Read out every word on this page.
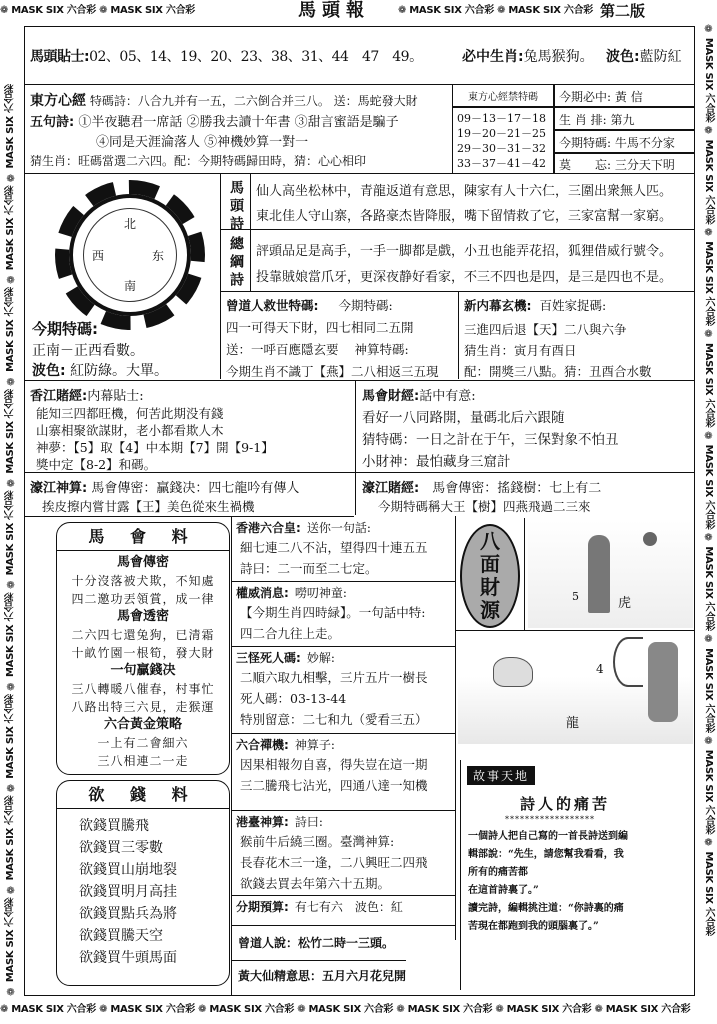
❁ MASK SIX 六合彩 ❁ MASK SIX 六合彩	馬頭報	❁ MASK SIX 六合彩 ❁ MASK SIX 六合彩 第二版
❁ MASK SIX 六合彩 ❁ MASK SIX 六合彩 ❁ MASK SIX 六合彩 ❁ MASK SIX 六合彩 ❁ MASK SIX 六合彩 ❁ MASK SIX 六合彩 ❁ MASK SIX 六合彩
❁ MASK SIX 六合彩 ❁ MASK SIX 六合彩 ❁ MASK SIX 六合彩 ❁ MASK SIX 六合彩 ❁ MASK SIX 六合彩 ❁ MASK SIX 六合彩 ❁ MASK SIX 六合彩 ❁ MASK SIX 六合彩 ❁ MASK SIX 六合彩	❁ MASK SIX 六合彩 ❁ MASK SIX 六合彩 ❁ MASK SIX 六合彩 ❁ MASK SIX 六合彩 ❁ MASK SIX 六合彩 ❁ MASK SIX 六合彩 ❁ MASK SIX 六合彩 ❁ MASK SIX 六合彩 ❁ MASK SIX 六合彩
馬頭貼士:02、05、14、19、20、23、38、31、44　47　49。	必中生肖:兔馬猴狗。 波色:藍防紅
東方心經 特碼詩：八合九并有一五，二六倒合并三八。 送：馬蛇發大財
五句詩: ①半夜聽君一席話 ②勝我去讀十年書 ③甜言蜜語是騙子
④同是天涯淪落人 ⑤神機妙算一對一
猜生肖：旺碼當選二六四。配：今期特碼歸田時，猜：心心相印
東方心經禁特碼
09－13－17－18
19－20－21－25
29－30－31－32
33－37－41－42
今期必中: 黃 信
生 肖 排: 第九
今期特碼: 牛馬不分家
莫　　忘: 三分天下明
北
西	东
南
馬頭詩 仙人高坐松林中，青龍返道有意思，陳家有人十六仁，三圍出衆無人匹。
東北佳人守山寨，各路豪杰皆降服，嘴下留情救了它，三家富幫一家窮。
總綱詩 評頭品足是高手，一手一脚都是戲，小丑也能弄花招，狐狸借威行號令。
投靠賊娘當爪牙，更深夜静好看家，不三不四也是四，是三是四也不是。
今期特碼:
正南－正西看數。
波色: 紅防綠。大單。
曾道人救世特碼: 今期特碼:
四一可得天下財，四七相同二五開
送：一呼百應隱玄要 神算特碼:
今期生肖不識丁【燕】二八相返三五現
新内幕玄機: 百姓家捉碼:
三進四后退【天】二八與六争
猜生肖：寅月有酉日
配：開獎三八點。猜：丑酉合水數
香江賭經:内幕貼士:
能知三四都旺機，何苦此期没有錢
山寨相聚欲謀財，老小都看欺人木
神夢：【5】取【4】中本期【7】開【9-1】
獎中定【8-2】和碼。
馬會財經:話中有意:
看好一八同路開，量碼北后六跟随
猜特碼：一日之計在于午，三保對象不怕丑
小財神：最怕藏身三窟計
濠江神算: 馬會傳密：贏錢决：四七龍吟有傳人
挨皮擦内嘗甘露【王】美色從來生禍機
濠江賭經:　 馬會傳密：搖錢樹：七上有二
今期特碼稱大王【樹】四燕飛過二三來
馬 會 料
馬會傳密
十分沒落被犬欺，不知處
四二邀功丟領賞，成一律
馬會透密
二六四七還兔狗，已清霜
十畝竹園一根筍，發大財
一句贏錢决
三八轉暖八催春，村事忙
八路出特三六見，走猴運
六合黃金策略
一上有二會細六
三八相連二一走
欲 錢 料
欲錢買騰飛
欲錢買三零數
欲錢買山崩地裂
欲錢買明月高挂
欲錢買點兵為將
欲錢買騰天空
欲錢買牛頭馬面
香港六合皇: 送你一句話:
細七連二八不沾，望得四十連五五
詩曰：二一而至二七定。
權威消息: 嘮叨神童:
【今期生肖四時緑】。一句話中特:
四二合九往上走。
三怪死人碼: 妙解:
二順六取九相擊，三片五片一樹長
死人碼：03-13-44
特別留意：二七和九（愛看三五）
六合禪機: 神算子:
因果相報勿自喜，得失豈在這一期
三二騰飛七沾光，四通八達一知機
港臺神算: 詩曰:
猴前牛后繞三圈。臺灣神算:
長春花木三一逢，二八興旺二四飛
欲錢去買去年第六十五期。
分期預算: 有七有六　波色：紅
曾道人說：松竹二時一三頭。
黃大仙精意思：五月六月花兒開
八面財源
5	虎
4
龍
故事天地
詩人的痛苦
******************
一個詩人把自己寫的一首長詩送到編
輯部說：“先生，請您幫我看看，我
所有的痛苦都
在這首詩裏了。”
讀完詩，編輯挑注道：“你詩裏的痛
苦現在都跑到我的頭腦裏了。”
